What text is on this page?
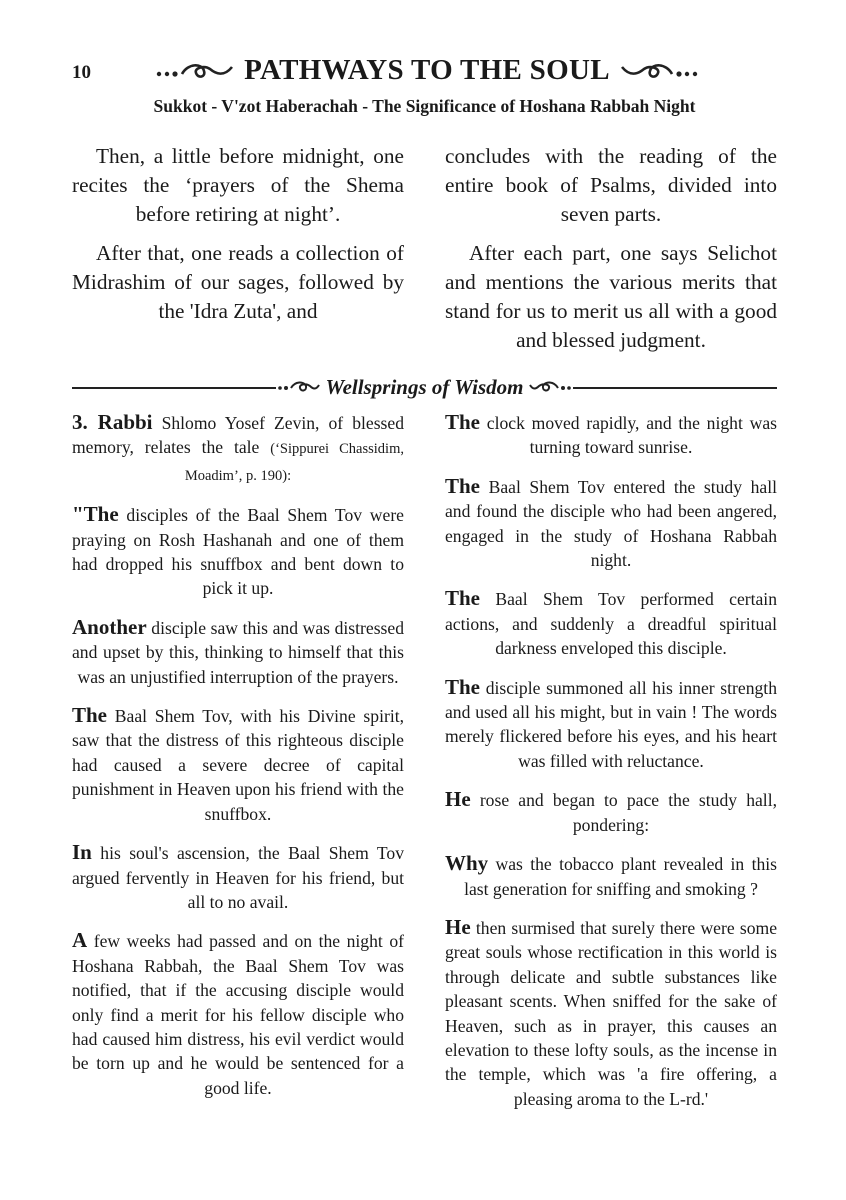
10	PATHWAYS TO THE SOUL
Sukkot - V'zot Haberachah - The Significance of Hoshana Rabbah Night

Then, a little before midnight, one recites the ‘prayers of the Shema before retiring at night’.

After that, one reads a collection of Midrashim of our sages, followed by the 'Idra Zuta', and

concludes with the reading of the entire book of Psalms, divided into seven parts.

After each part, one says Selichot and mentions the various merits that stand for us to merit us all with a good and blessed judgment.

Wellsprings of Wisdom

3. Rabbi Shlomo Yosef Zevin, of blessed memory, relates the tale (‘Sippurei Chassidim, Moadim’, p. 190):

"The disciples of the Baal Shem Tov were praying on Rosh Hashanah and one of them had dropped his snuffbox and bent down to pick it up.

Another disciple saw this and was distressed and upset by this, thinking to himself that this was an unjustified interruption of the prayers.

The Baal Shem Tov, with his Divine spirit, saw that the distress of this righteous disciple had caused a severe decree of capital punishment in Heaven upon his friend with the snuffbox.

In his soul's ascension, the Baal Shem Tov argued fervently in Heaven for his friend, but all to no avail.

A few weeks had passed and on the night of Hoshana Rabbah, the Baal Shem Tov was notified, that if the accusing disciple would only find a merit for his fellow disciple who had caused him distress, his evil verdict would be torn up and he would be sentenced for a good life.

The clock moved rapidly, and the night was turning toward sunrise.

The Baal Shem Tov entered the study hall and found the disciple who had been angered, engaged in the study of Hoshana Rabbah night.

The Baal Shem Tov performed certain actions, and suddenly a dreadful spiritual darkness enveloped this disciple.

The disciple summoned all his inner strength and used all his might, but in vain ! The words merely flickered before his eyes, and his heart was filled with reluctance.

He rose and began to pace the study hall, pondering:

Why was the tobacco plant revealed in this last generation for sniffing and smoking ?

He then surmised that surely there were some great souls whose rectification in this world is through delicate and subtle substances like pleasant scents. When sniffed for the sake of Heaven, such as in prayer, this causes an elevation to these lofty souls, as the incense in the temple, which was 'a fire offering, a pleasing aroma to the L-rd.'
